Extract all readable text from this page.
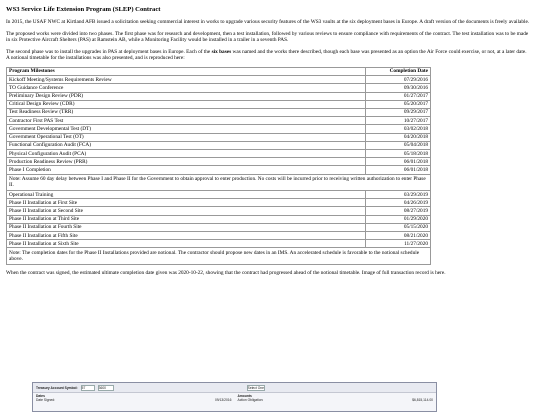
WS3 Service Life Extension Program (SLEP) Contract

In 2015, the USAF NWC at Kirtland AFB issued a solicitation seeking commercial interest in works to upgrade various security features of the WS3 vaults at the six deployment bases in Europe. A draft version of the documents is freely available.

The proposed works were divided into two phases. The first phase was for research and development, then a test installation, followed by various reviews to ensure compliance with requirements of the contract. The test installation was to be made in six Protective Aircraft Shelters (PAS) at Ramstein AB, while a Monitoring Facility would be installed in a trailer in a seventh PAS.

The second phase was to install the upgrades in PAS at deployment bases in Europe. Each of the six bases was named and the works there described, though each base was presented as an option the Air Force could exercise, or not, at a later date. A notional timetable for the installations was also presented, and is reproduced here:

Program Milestones	Completion Date
Kickoff Meeting/Systems Requirements Review	07/29/2016
TO Guidance Conference	09/30/2016
Preliminary Design Review (PDR)	01/27/2017
Critical Design Review (CDR)	05/20/2017
Test Readiness Review (TRR)	09/29/2017
Contractor First PAS Test	10/27/2017
Government Developmental Test (DT)	03/02/2018
Government Operational Test (OT)	04/20/2018
Functional Configuration Audit (FCA)	05/04/2018
Physical Configuration Audit (PCA)	05/18/2018
Production Readiness Review (PRR)	06/01/2018
Phase I Completion	06/01/2018
Note: Assume 60 day delay between Phase I and Phase II for the Government to obtain approval to enter production. No costs will be incurred prior to receiving written authorization to enter Phase II.	
Operational Training	03/29/2019
Phase II Installation at First Site	04/26/2019
Phase II Installation at Second Site	08/27/2019
Phase II Installation at Third Site	01/29/2020
Phase II Installation at Fourth Site	05/15/2020
Phase II Installation at Fifth Site	08/21/2020
Phase II Installation at Sixth Site	11/27/2020
Note: The completion dates for the Phase II Installations provided are notional. The contractor should propose new dates in an IMS. An accelerated schedule is favorable to the notional schedule above.	

When the contract was signed, the estimated ultimate completion date given was 2020-10-22, showing that the contract had progressed ahead of the notional timetable. Image of full transaction record is here.

Treasury Account Symbol:	57	3600	Select One
Dates
Date Signed:	09/13/2016
Amounts
Action Obligation:	$6,815,114.00
